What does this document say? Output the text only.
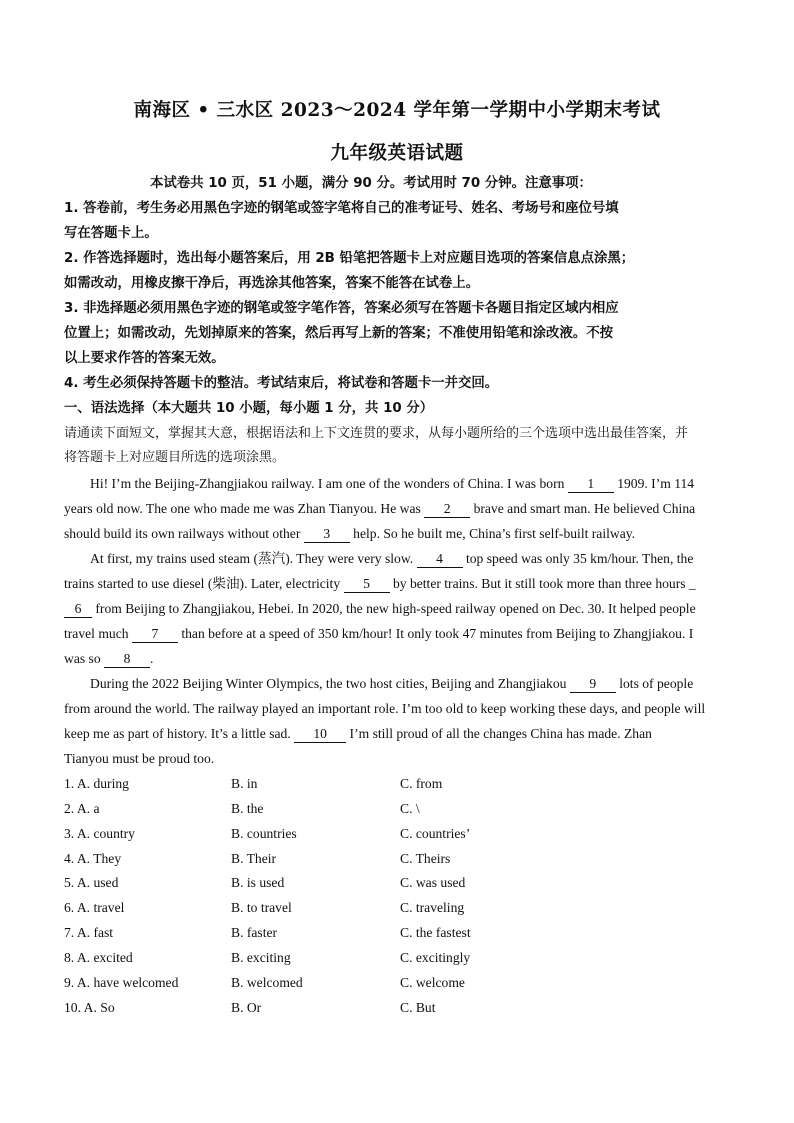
南海区 • 三水区 2023～2024 学年第一学期中小学期末考试
九年级英语试题
本试卷共 10 页，51 小题，满分 90 分。考试用时 70 分钟。注意事项：
1. 答卷前，考生务必用黑色字迹的钢笔或签字笔将自己的准考证号、姓名、考场号和座位号填
写在答题卡上。
2. 作答选择题时，选出每小题答案后，用 2B 铅笔把答题卡上对应题目选项的答案信息点涂黑；
如需改动，用橡皮擦干净后，再选涂其他答案，答案不能答在试卷上。
3. 非选择题必须用黑色字迹的钢笔或签字笔作答，答案必须写在答题卡各题目指定区域内相应
位置上；如需改动，先划掉原来的答案，然后再写上新的答案；不准使用铅笔和涂改液。不按
以上要求作答的答案无效。
4. 考生必须保持答题卡的整洁。考试结束后，将试卷和答题卡一并交回。
一、语法选择（本大题共 10 小题，每小题 1 分，共 10 分）
请通读下面短文，掌握其大意，根据语法和上下文连贯的要求，从每小题所给的三个选项中选出最佳答案，并
将答题卡上对应题目所选的选项涂黑。
Hi! I’m the Beijing-Zhangjiakou railway. I am one of the wonders of China. I was born 1 1909. I’m 114
years old now. The one who made me was Zhan Tianyou. He was 2 brave and smart man. He believed China
should build its own railways without other 3 help. So he built me, China’s first self-built railway.
At first, my trains used steam (蒸汽). They were very slow. 4 top speed was only 35 km/hour. Then, the
trains started to use diesel (柴油). Later, electricity 5 by better trains. But it still took more than three hours _
6 from Beijing to Zhangjiakou, Hebei. In 2020, the new high-speed railway opened on Dec. 30. It helped people
travel much 7 than before at a speed of 350 km/hour! It only took 47 minutes from Beijing to Zhangjiakou. I
was so 8 .
During the 2022 Beijing Winter Olympics, the two host cities, Beijing and Zhangjiakou 9 lots of people
from around the world. The railway played an important role. I’m too old to keep working these days, and people will
keep me as part of history. It’s a little sad. 10 I’m still proud of all the changes China has made. Zhan
Tianyou must be proud too.
1. A. during	B. in	C. from
2. A. a	B. the	C. \
3. A. country	B. countries	C. countries’
4. A. They	B. Their	C. Theirs
5. A. used	B. is used	C. was used
6. A. travel	B. to travel	C. traveling
7. A. fast	B. faster	C. the fastest
8. A. excited	B. exciting	C. excitingly
9. A. have welcomed	B. welcomed	C. welcome
10. A. So	B. Or	C. But
